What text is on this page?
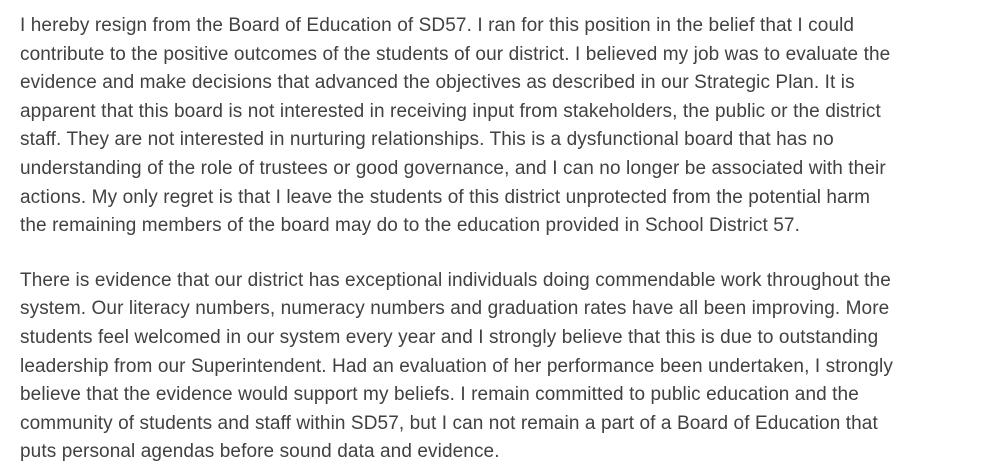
I hereby resign from the Board of Education of SD57. I ran for this position in the belief that I could
contribute to the positive outcomes of the students of our district. I believed my job was to evaluate the
evidence and make decisions that advanced the objectives as described in our Strategic Plan. It is
apparent that this board is not interested in receiving input from stakeholders, the public or the district
staff. They are not interested in nurturing relationships. This is a dysfunctional board that has no
understanding of the role of trustees or good governance, and I can no longer be associated with their
actions. My only regret is that I leave the students of this district unprotected from the potential harm
the remaining members of the board may do to the education provided in School District 57.
There is evidence that our district has exceptional individuals doing commendable work throughout the
system. Our literacy numbers, numeracy numbers and graduation rates have all been improving. More
students feel welcomed in our system every year and I strongly believe that this is due to outstanding
leadership from our Superintendent. Had an evaluation of her performance been undertaken, I strongly
believe that the evidence would support my beliefs. I remain committed to public education and the
community of students and staff within SD57, but I can not remain a part of a Board of Education that
puts personal agendas before sound data and evidence.
